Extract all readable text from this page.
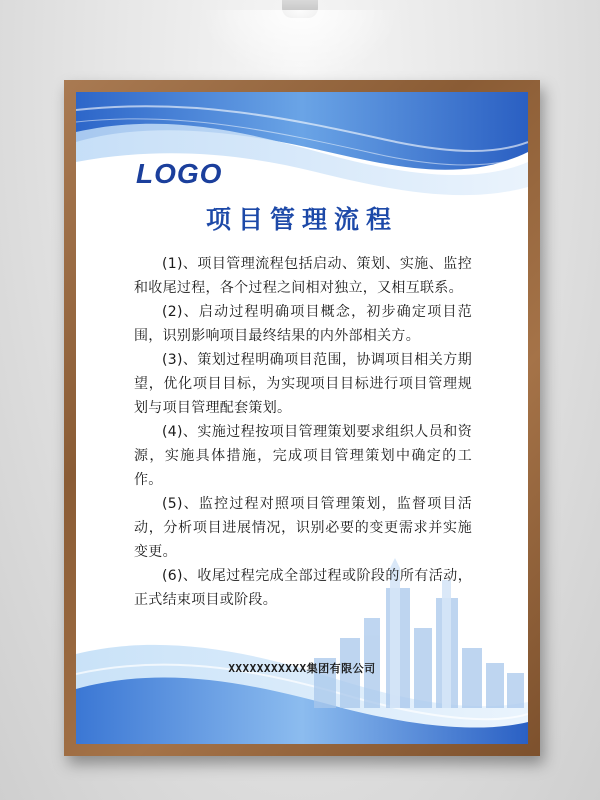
LOGO
项目管理流程

(1)、项目管理流程包括启动、策划、实施、监控和收尾过程，各个过程之间相对独立，又相互联系。

(2)、启动过程明确项目概念，初步确定项目范围，识别影响项目最终结果的内外部相关方。

(3)、策划过程明确项目范围，协调项目相关方期望，优化项目目标，为实现项目目标进行项目管理规划与项目管理配套策划。

(4)、实施过程按项目管理策划要求组织人员和资源，实施具体措施，完成项目管理策划中确定的工作。

(5)、监控过程对照项目管理策划，监督项目活动，分析项目进展情况，识别必要的变更需求并实施变更。

(6)、收尾过程完成全部过程或阶段的所有活动，正式结束项目或阶段。

XXXXXXXXXXX集团有限公司
